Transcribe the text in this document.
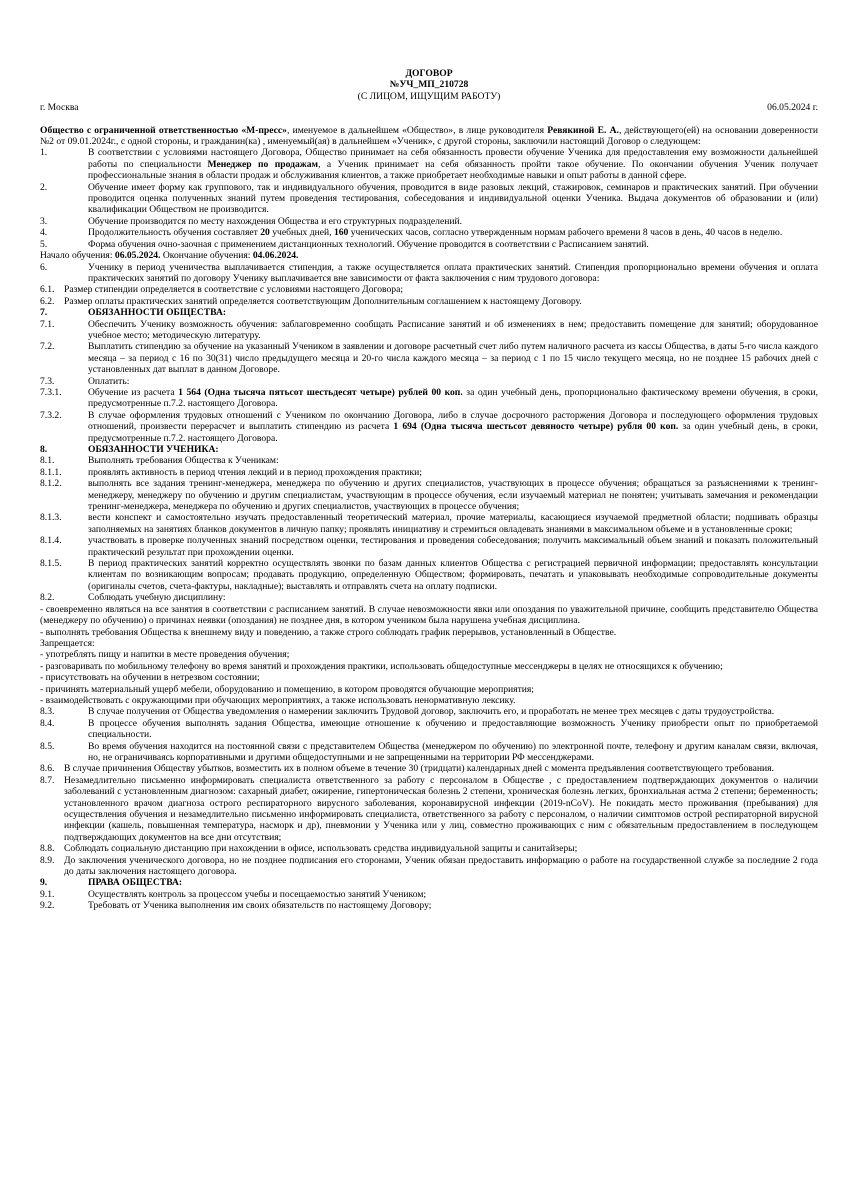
ДОГОВОР
№УЧ_МП_210728
(С ЛИЦОМ, ИЩУЩИМ РАБОТУ)
г. Москва	06.05.2024 г.
Общество с ограниченной ответственностью «М-пресс», именуемое в дальнейшем «Общество», в лице руководителя Ревякиной Е. А., действующего(ей) на основании доверенности №2 от 09.01.2024г., с одной стороны, и гражданин(ка) , именуемый(ая) в дальнейшем «Ученик», с другой стороны, заключили настоящий Договор о следующем:
1.	В соответствии с условиями настоящего Договора, Общество принимает на себя обязанность провести обучение Ученика для предоставления ему возможности дальнейшей работы по специальности Менеджер по продажам, а Ученик принимает на себя обязанность пройти такое обучение. По окончании обучения Ученик получает профессиональные знания в области продаж и обслуживания клиентов, а также приобретает необходимые навыки и опыт работы в данной сфере.
2.	Обучение имеет форму как группового, так и индивидуального обучения, проводится в виде разовых лекций, стажировок, семинаров и практических занятий. При обучении проводится оценка полученных знаний путем проведения тестирования, собеседования и индивидуальной оценки Ученика. Выдача документов об образовании и (или) квалификации Обществом не производится.
3.	Обучение производится по месту нахождения Общества и его структурных подразделений.
4.	Продолжительность обучения составляет 20 учебных дней, 160 ученических часов, согласно утвержденным нормам рабочего времени 8 часов в день, 40 часов в неделю.
5.	Форма обучения очно-заочная с применением дистанционных технологий. Обучение проводится в соответствии с Расписанием занятий.
Начало обучения: 06.05.2024. Окончание обучения: 04.06.2024.
6.	Ученику в период ученичества выплачивается стипендия, а также осуществляется оплата практических занятий. Стипендия пропорционально времени обучения и оплата практических занятий по договору Ученику выплачивается вне зависимости от факта заключения с ним трудового договора:
6.1.	Размер стипендии определяется в соответствие с условиями настоящего Договора;
6.2.	Размер оплаты практических занятий определяется соответствующим Дополнительным соглашением к настоящему Договору.
7.	ОБЯЗАННОСТИ ОБЩЕСТВА:
7.1.	Обеспечить Ученику возможность обучения: заблаговременно сообщать Расписание занятий и об изменениях в нем; предоставить помещение для занятий; оборудованное учебное место; методическую литературу.
7.2.	Выплатить стипендию за обучение на указанный Учеником в заявлении и договоре расчетный счет либо путем наличного расчета из кассы Общества, в даты 5-го числа каждого месяца – за период с 16 по 30(31) число предыдущего месяца и 20-го числа каждого месяца – за период с 1 по 15 число текущего месяца, но не позднее 15 рабочих дней с установленных дат выплат в данном Договоре.
7.3.	Оплатить:
7.3.1.	Обучение из расчета 1 564 (Одна тысяча пятьсот шестьдесят четыре) рублей 00 коп. за один учебный день, пропорционально фактическому времени обучения, в сроки, предусмотренные п.7.2. настоящего Договора.
7.3.2.	В случае оформления трудовых отношений с Учеником по окончанию Договора, либо в случае досрочного расторжения Договора и последующего оформления трудовых отношений, произвести перерасчет и выплатить стипендию из расчета 1 694 (Одна тысяча шестьсот девяносто четыре) рубля 00 коп. за один учебный день, в сроки, предусмотренные п.7.2. настоящего Договора.
8.	ОБЯЗАННОСТИ УЧЕНИКА:
8.1.	Выполнять требования Общества к Ученикам:
8.1.1.	проявлять активность в период чтения лекций и в период прохождения практики;
8.1.2.	выполнять все задания тренинг-менеджера, менеджера по обучению и других специалистов, участвующих в процессе обучения; обращаться за разъяснениями к тренинг-менеджеру, менеджеру по обучению и другим специалистам, участвующим в процессе обучения, если изучаемый материал не понятен; учитывать замечания и рекомендации тренинг-менеджера, менеджера по обучению и других специалистов, участвующих в процессе обучения;
8.1.3.	вести конспект и самостоятельно изучать предоставленный теоретический материал, прочие материалы, касающиеся изучаемой предметной области; подшивать образцы заполняемых на занятиях бланков документов в личную папку; проявлять инициативу и стремиться овладевать знаниями в максимальном объеме и в установленные сроки;
8.1.4.	участвовать в проверке полученных знаний посредством оценки, тестирования и проведения собеседования; получить максимальный объем знаний и показать положительный практический результат при прохождении оценки.
8.1.5.	В период практических занятий корректно осуществлять звонки по базам данных клиентов Общества с регистрацией первичной информации; предоставлять консультации клиентам по возникающим вопросам; продавать продукцию, определенную Обществом; формировать, печатать и упаковывать необходимые сопроводительные документы (оригиналы счетов, счета-фактуры, накладные); выставлять и отправлять счета на оплату подписки.
8.2.	Соблюдать учебную дисциплину:
- своевременно являться на все занятия в соответствии с расписанием занятий. В случае невозможности явки или опоздания по уважительной причине, сообщить представителю Общества (менеджеру по обучению) о причинах неявки (опоздания) не позднее дня, в котором учеником была нарушена учебная дисциплина.
- выполнять требования Общества к внешнему виду и поведению, а также строго соблюдать график перерывов, установленный в Обществе.
Запрещается:
- употреблять пищу и напитки в месте проведения обучения;
- разговаривать по мобильному телефону во время занятий и прохождения практики, использовать общедоступные мессенджеры в целях не относящихся к обучению;
- присутствовать на обучении в нетрезвом состоянии;
- причинять материальный ущерб мебели, оборудованию и помещению, в котором проводятся обучающие мероприятия;
- взаимодействовать с окружающими при обучающих мероприятиях, а также использовать ненормативную лексику.
8.3.	В случае получения от Общества уведомления о намерении заключить Трудовой договор, заключить его, и проработать не менее трех месяцев с даты трудоустройства.
8.4.	В процессе обучения выполнять задания Общества, имеющие отношение к обучению и предоставляющие возможность Ученику приобрести опыт по приобретаемой специальности.
8.5.	Во время обучения находится на постоянной связи с представителем Общества (менеджером по обучению) по электронной почте, телефону и другим каналам связи, включая, но, не ограничиваясь корпоративными и другими общедоступными и не запрещенными на территории РФ мессенджерами.
8.6.	В случае причинения Обществу убытков, возместить их в полном объеме в течение 30 (тридцати) календарных дней с момента предъявления соответствующего требования.
8.7.	Незамедлительно письменно информировать специалиста ответственного за работу с персоналом в Обществе , с предоставлением подтверждающих документов о наличии заболеваний с установленным диагнозом: сахарный диабет, ожирение, гипертоническая болезнь 2 степени, хроническая болезнь легких, бронхиальная астма 2 степени; беременность; установленного врачом диагноза острого респираторного вирусного заболевания, коронавирусной инфекции (2019-nCoV). Не покидать место проживания (пребывания) для осуществления обучения и незамедлительно письменно информировать специалиста, ответственного за работу с персоналом, о наличии симптомов острой респираторной вирусной инфекции (кашель, повышенная температура, насморк и др), пневмонии у Ученика или у лиц, совместно проживающих с ним с обязательным предоставлением в последующем подтверждающих документов на все дни отсутствия;
8.8.	Соблюдать социальную дистанцию при нахождении в офисе, использовать средства индивидуальной защиты и санитайзеры;
8.9.	До заключения ученического договора, но не позднее подписания его сторонами, Ученик обязан предоставить информацию о работе на государственной службе за последние 2 года до даты заключения настоящего договора.
9.	ПРАВА ОБЩЕСТВА:
9.1.	Осуществлять контроль за процессом учебы и посещаемостью занятий Учеником;
9.2.	Требовать от Ученика выполнения им своих обязательств по настоящему Договору;
